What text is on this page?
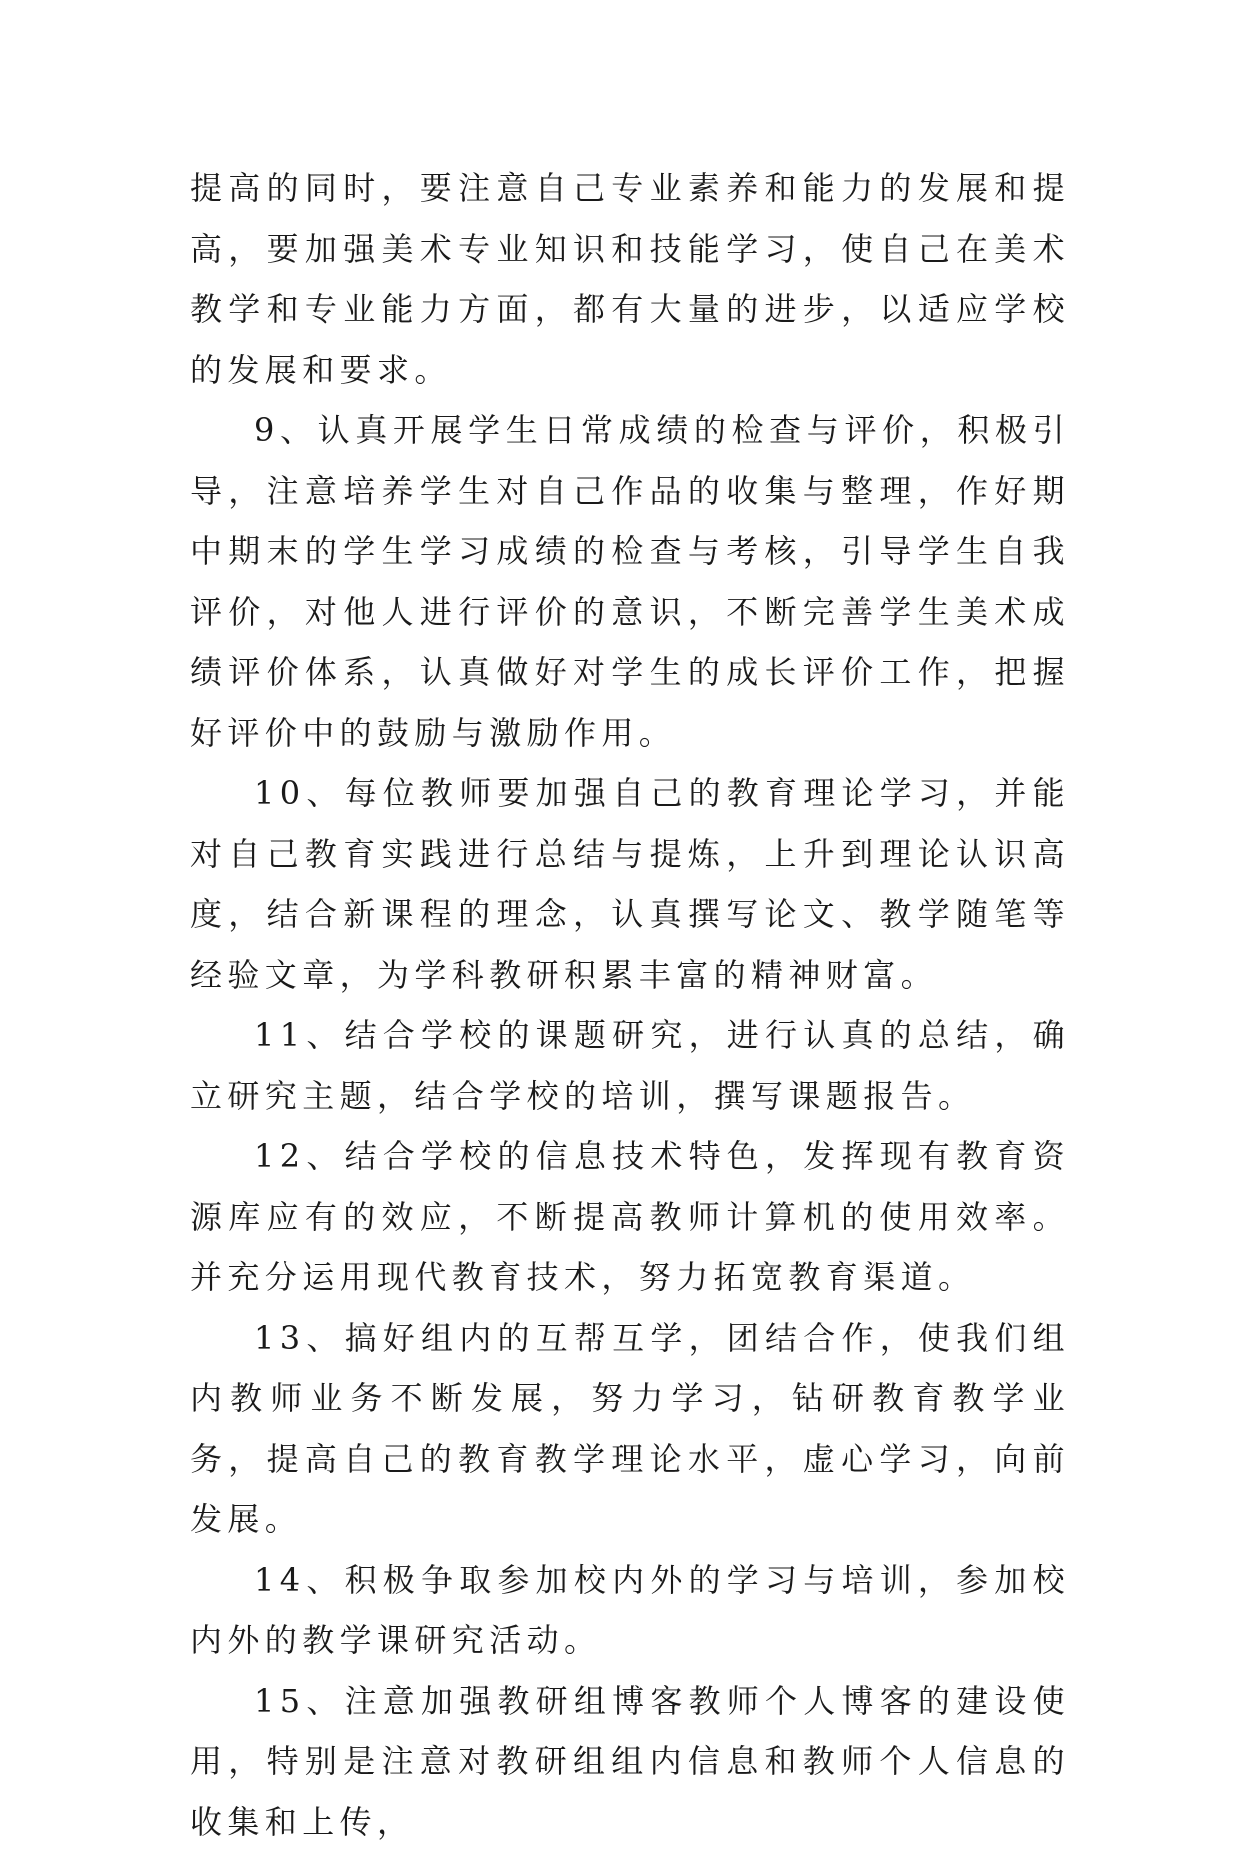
提高的同时，要注意自己专业素养和能力的发展和提高，要加强美术专业知识和技能学习，使自己在美术教学和专业能力方面，都有大量的进步，以适应学校的发展和要求。

9、认真开展学生日常成绩的检查与评价，积极引导，注意培养学生对自己作品的收集与整理，作好期中期末的学生学习成绩的检查与考核，引导学生自我评价，对他人进行评价的意识，不断完善学生美术成绩评价体系，认真做好对学生的成长评价工作，把握好评价中的鼓励与激励作用。

10、每位教师要加强自己的教育理论学习，并能对自己教育实践进行总结与提炼，上升到理论认识高度，结合新课程的理念，认真撰写论文、教学随笔等经验文章，为学科教研积累丰富的精神财富。

11、结合学校的课题研究，进行认真的总结，确立研究主题，结合学校的培训，撰写课题报告。

12、结合学校的信息技术特色，发挥现有教育资源库应有的效应，不断提高教师计算机的使用效率。并充分运用现代教育技术，努力拓宽教育渠道。

13、搞好组内的互帮互学，团结合作，使我们组内教师业务不断发展，努力学习，钻研教育教学业务，提高自己的教育教学理论水平，虚心学习，向前发展。

14、积极争取参加校内外的学习与培训，参加校内外的教学课研究活动。

15、注意加强教研组博客教师个人博客的建设使用，特别是注意对教研组组内信息和教师个人信息的收集和上传，
